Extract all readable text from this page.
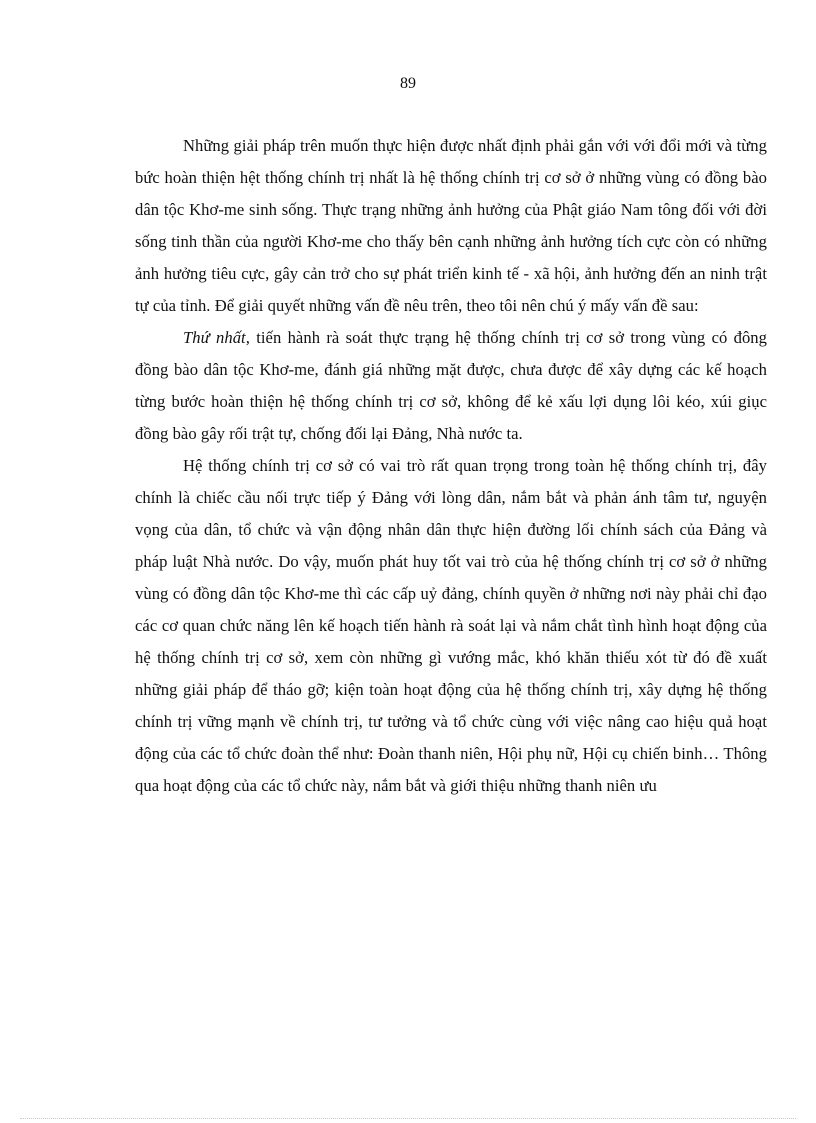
89

Những giải pháp trên muốn thực hiện được nhất định phải gắn với với đổi mới và từng bức hoàn thiện hệt thống chính trị nhất là hệ thống chính trị cơ sở ở những vùng có đồng bào dân tộc Khơ-me sinh sống. Thực trạng những ảnh hưởng của Phật giáo Nam tông đối với đời sống tinh thần của người Khơ-me cho thấy bên cạnh những ảnh hưởng tích cực còn có những ảnh hưởng tiêu cực, gây cản trở cho sự phát triển kinh tế - xã hội, ảnh hưởng đến an ninh trật tự của tỉnh. Để giải quyết những vấn đề nêu trên, theo tôi nên chú ý mấy vấn đề sau:

Thứ nhất, tiến hành rà soát thực trạng hệ thống chính trị cơ sở trong vùng có đông đồng bào dân tộc Khơ-me, đánh giá những mặt được, chưa được để xây dựng các kế hoạch từng bước hoàn thiện hệ thống chính trị cơ sở, không để kẻ xấu lợi dụng lôi kéo, xúi giục đồng bào gây rối trật tự, chống đối lại Đảng, Nhà nước ta.

Hệ thống chính trị cơ sở có vai trò rất quan trọng trong toàn hệ thống chính trị, đây chính là chiếc cầu nối trực tiếp ý Đảng với lòng dân, nắm bắt và phản ánh tâm tư, nguyện vọng của dân, tổ chức và vận động nhân dân thực hiện đường lối chính sách của Đảng và pháp luật Nhà nước. Do vậy, muốn phát huy tốt vai trò của hệ thống chính trị cơ sở ở những vùng có đồng dân tộc Khơ-me thì các cấp uỷ đảng, chính quyền ở những nơi này phải chỉ đạo các cơ quan chức năng lên kế hoạch tiến hành rà soát lại và nắm chắt tình hình hoạt động của hệ thống chính trị cơ sở, xem còn những gì vướng mắc, khó khăn thiếu xót từ đó đề xuất những giải pháp để tháo gỡ; kiện toàn hoạt động của hệ thống chính trị, xây dựng hệ thống chính trị vững mạnh về chính trị, tư tưởng và tổ chức cùng với việc nâng cao hiệu quả hoạt động của các tổ chức đoàn thể như: Đoàn thanh niên, Hội phụ nữ, Hội cụ chiến binh… Thông qua hoạt động của các tổ chức này, nắm bắt và giới thiệu những thanh niên ưu
